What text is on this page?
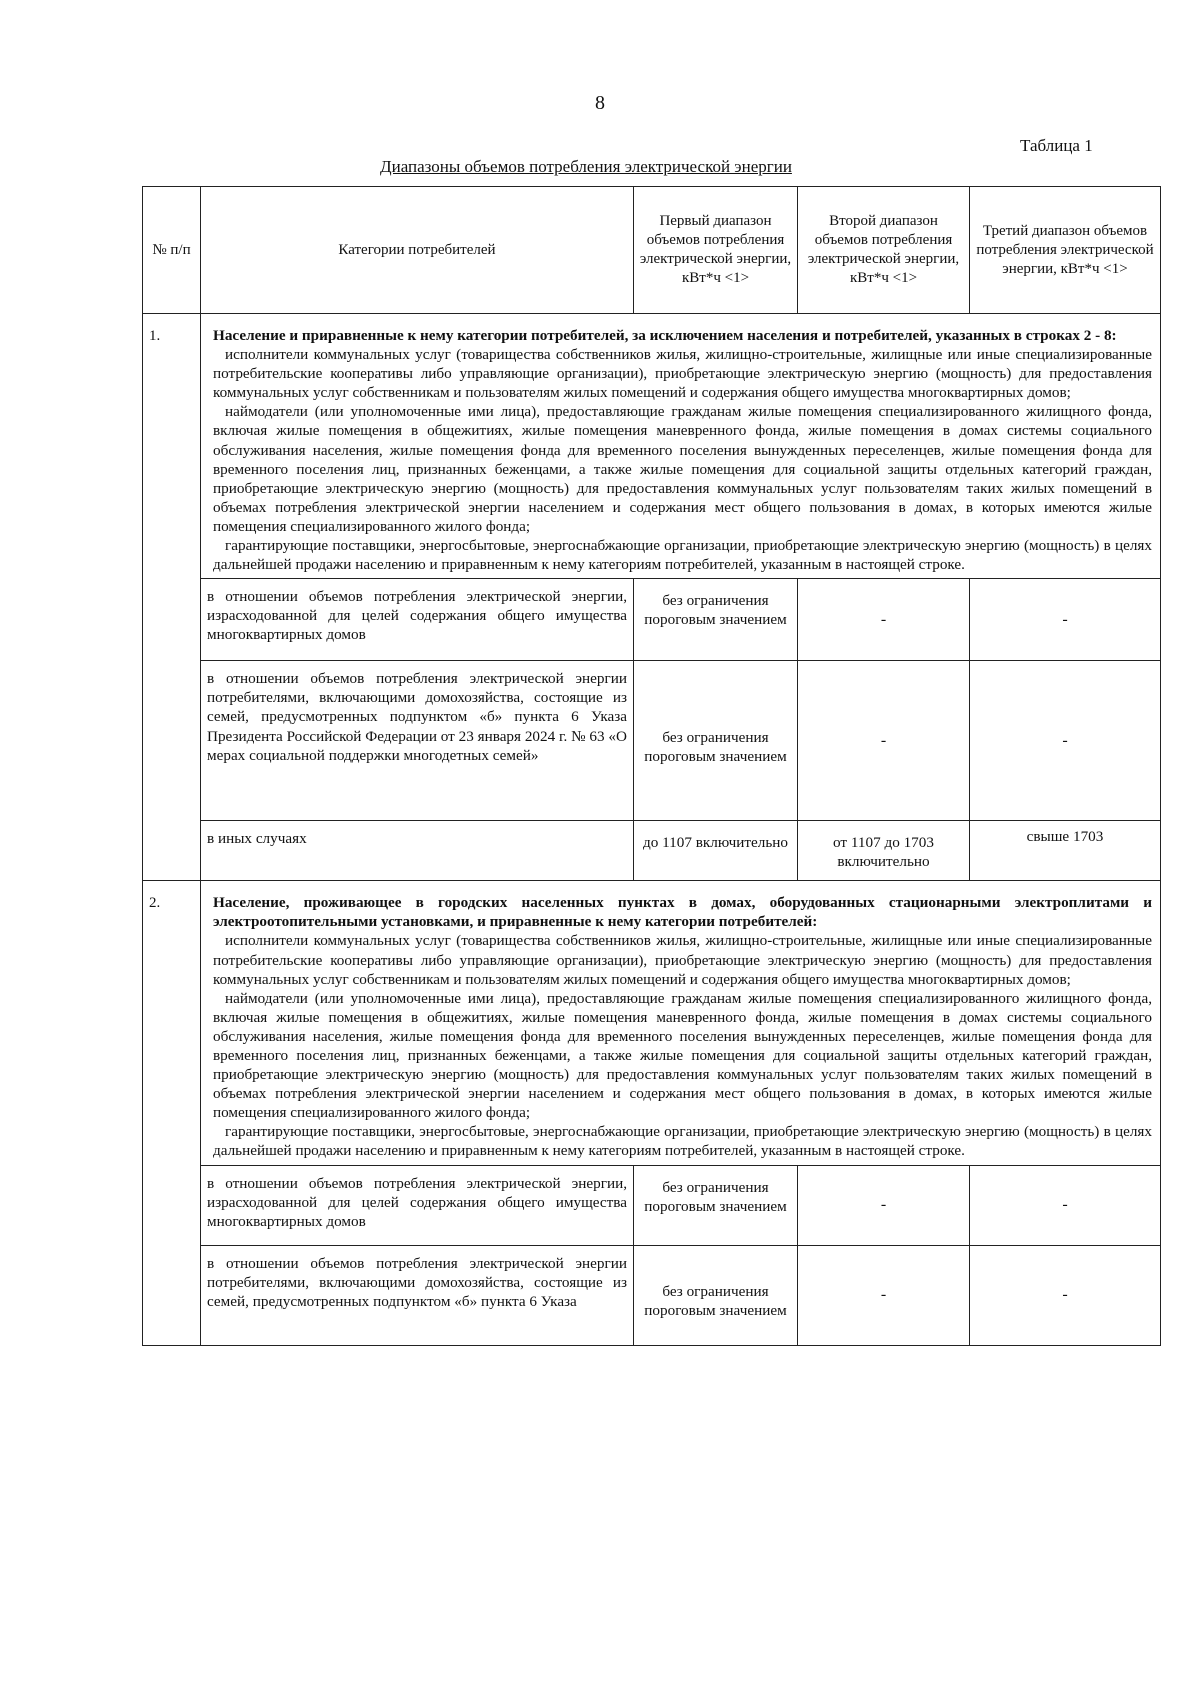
8
Таблица 1
Диапазоны объемов потребления электрической энергии
№ п/п	Категории потребителей	Первый диапазон объемов потребления электрической энергии, кВт*ч <1>	Второй диапазон объемов потребления электрической энергии, кВт*ч <1>	Третий диапазон объемов потребления электрической энергии, кВт*ч <1>
1.	Население и приравненные к нему категории потребителей, за исключением населения и потребителей, указанных в строках 2 - 8:

исполнители коммунальных услуг (товарищества собственников жилья, жилищно-строительные, жилищные или иные специализированные потребительские кооперативы либо управляющие организации), приобретающие электрическую энергию (мощность) для предоставления коммунальных услуг собственникам и пользователям жилых помещений и содержания общего имущества многоквартирных домов;

наймодатели (или уполномоченные ими лица), предоставляющие гражданам жилые помещения специализированного жилищного фонда, включая жилые помещения в общежитиях, жилые помещения маневренного фонда, жилые помещения в домах системы социального обслуживания населения, жилые помещения фонда для временного поселения вынужденных переселенцев, жилые помещения фонда для временного поселения лиц, признанных беженцами, а также жилые помещения для социальной защиты отдельных категорий граждан, приобретающие электрическую энергию (мощность) для предоставления коммунальных услуг пользователям таких жилых помещений в объемах потребления электрической энергии населением и содержания мест общего пользования в домах, в которых имеются жилые помещения специализированного жилого фонда;

гарантирующие поставщики, энергосбытовые, энергоснабжающие организации, приобретающие электрическую энергию (мощность) в целях дальнейшей продажи населению и приравненным к нему категориям потребителей, указанным в настоящей строке.			

	в отношении объемов потребления электрической энергии, израсходованной для целей содержания общего имущества многоквартирных домов	без ограничения пороговым значением	-	-
	в отношении объемов потребления электрической энергии потребителями, включающими домохозяйства, состоящие из семей, предусмотренных подпунктом «б» пункта 6 Указа Президента Российской Федерации от 23 января 2024 г. № 63 «О мерах социальной поддержки многодетных семей»	без ограничения пороговым значением	-	-
	в иных случаях	до 1107 включительно	от 1107 до 1703 включительно	свыше 1703
2.	Население, проживающее в городских населенных пунктах в домах, оборудованных стационарными электроплитами и электроотопительными установками, и приравненные к нему категории потребителей:

исполнители коммунальных услуг (товарищества собственников жилья, жилищно-строительные, жилищные или иные специализированные потребительские кооперативы либо управляющие организации), приобретающие электрическую энергию (мощность) для предоставления коммунальных услуг собственникам и пользователям жилых помещений и содержания общего имущества многоквартирных домов;

наймодатели (или уполномоченные ими лица), предоставляющие гражданам жилые помещения специализированного жилищного фонда, включая жилые помещения в общежитиях, жилые помещения маневренного фонда, жилые помещения в домах системы социального обслуживания населения, жилые помещения фонда для временного поселения вынужденных переселенцев, жилые помещения фонда для временного поселения лиц, признанных беженцами, а также жилые помещения для социальной защиты отдельных категорий граждан, приобретающие электрическую энергию (мощность) для предоставления коммунальных услуг пользователям таких жилых помещений в объемах потребления электрической энергии населением и содержания мест общего пользования в домах, в которых имеются жилые помещения специализированного жилого фонда;

гарантирующие поставщики, энергосбытовые, энергоснабжающие организации, приобретающие электрическую энергию (мощность) в целях дальнейшей продажи населению и приравненным к нему категориям потребителей, указанным в настоящей строке.			

	в отношении объемов потребления электрической энергии, израсходованной для целей содержания общего имущества многоквартирных домов	без ограничения пороговым значением	-	-
	в отношении объемов потребления электрической энергии потребителями, включающими домохозяйства, состоящие из семей, предусмотренных подпунктом «б» пункта 6 Указа	без ограничения пороговым значением	-	-
